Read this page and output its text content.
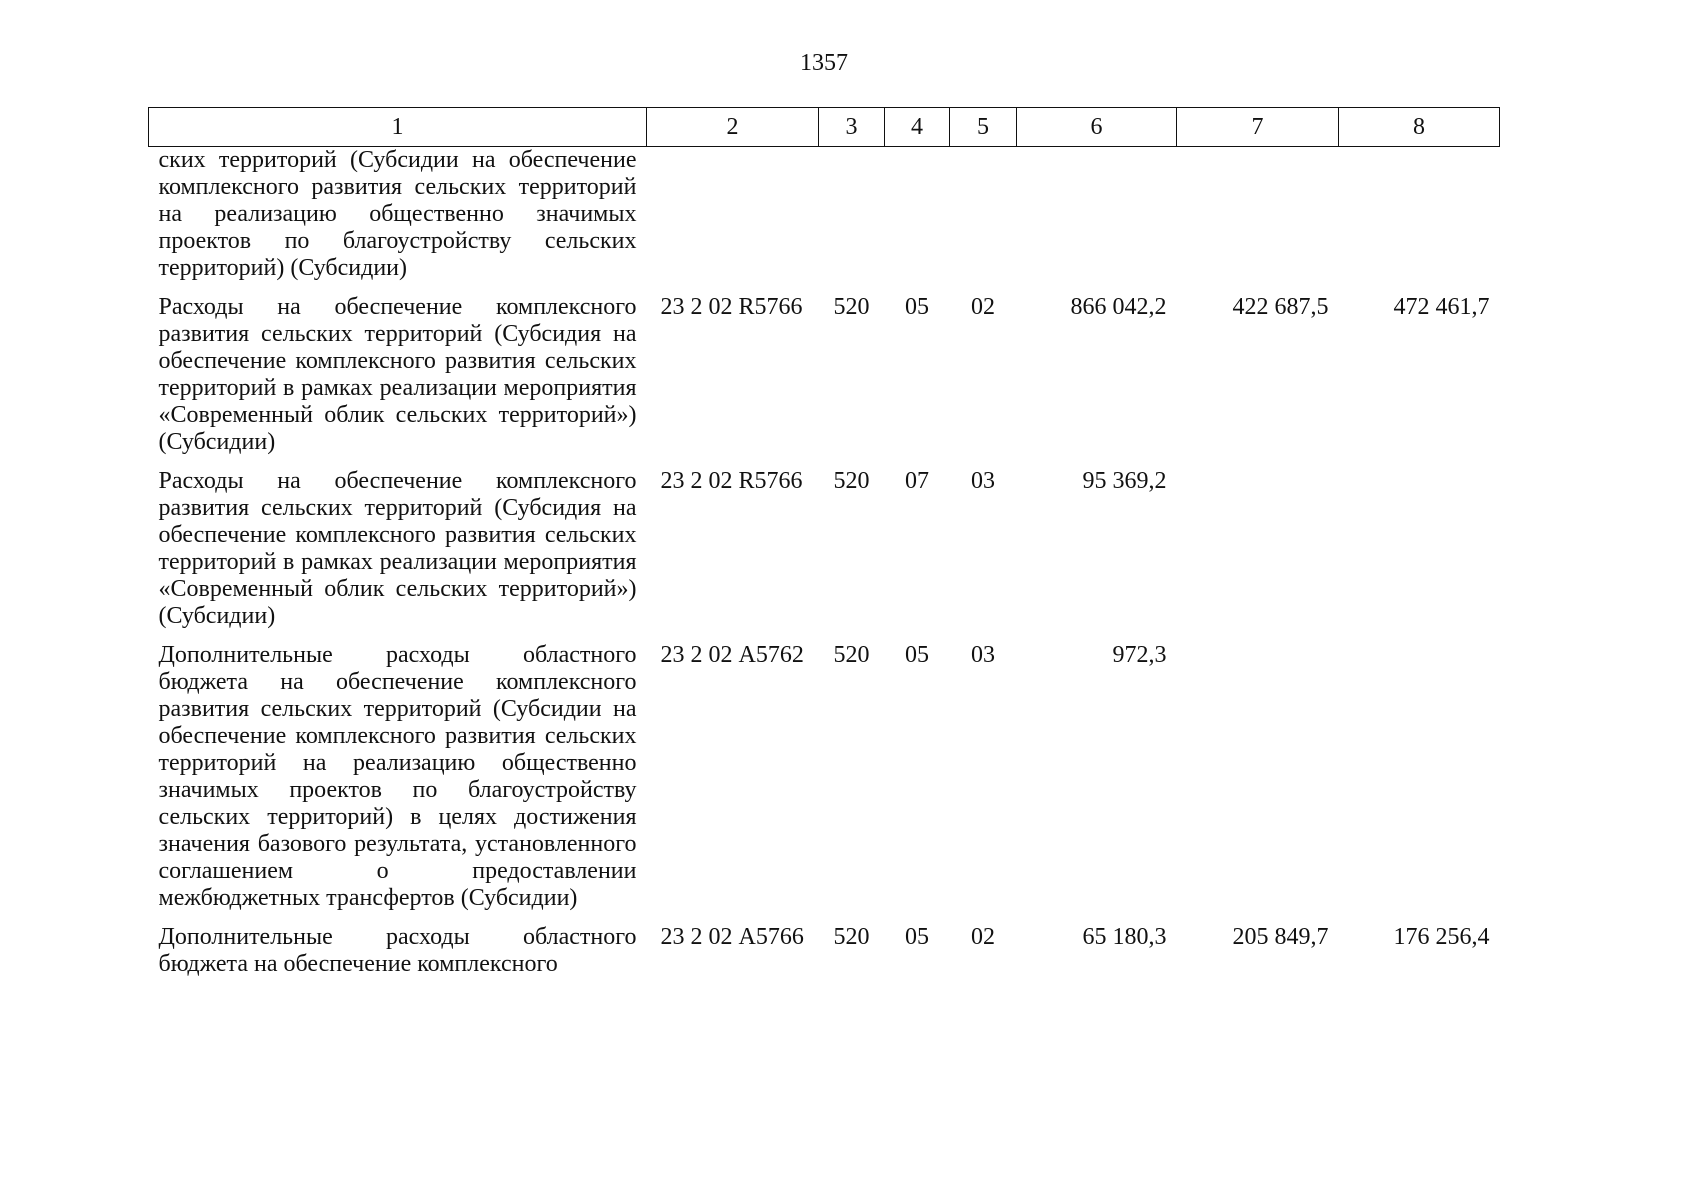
1357
1	2	3	4	5	6	7	8
ских территорий (Субсидии на обеспечение комплексного развития сельских территорий на реализацию общественно значимых проектов по благоустройству сельских территорий) (Субсидии)							
Расходы на обеспечение комплексного развития сельских территорий (Субсидия на обеспечение комплексного развития сельских территорий в рамках реализации мероприятия «Современный облик сельских территорий») (Субсидии)	23 2 02 R5766	520	05	02	866 042,2	422 687,5	472 461,7
Расходы на обеспечение комплексного развития сельских территорий (Субсидия на обеспечение комплексного развития сельских территорий в рамках реализации мероприятия «Современный облик сельских территорий») (Субсидии)	23 2 02 R5766	520	07	03	95 369,2		
Дополнительные расходы областного бюджета на обеспечение комплексного развития сельских территорий (Субсидии на обеспечение комплексного развития сельских территорий на реализацию общественно значимых проектов по благоустройству сельских территорий) в целях достижения значения базового результата, установленного соглашением о предоставлении межбюджетных трансфертов (Субсидии)	23 2 02 А5762	520	05	03	972,3		
Дополнительные расходы областного бюджета на обеспечение комплексного	23 2 02 А5766	520	05	02	65 180,3	205 849,7	176 256,4
